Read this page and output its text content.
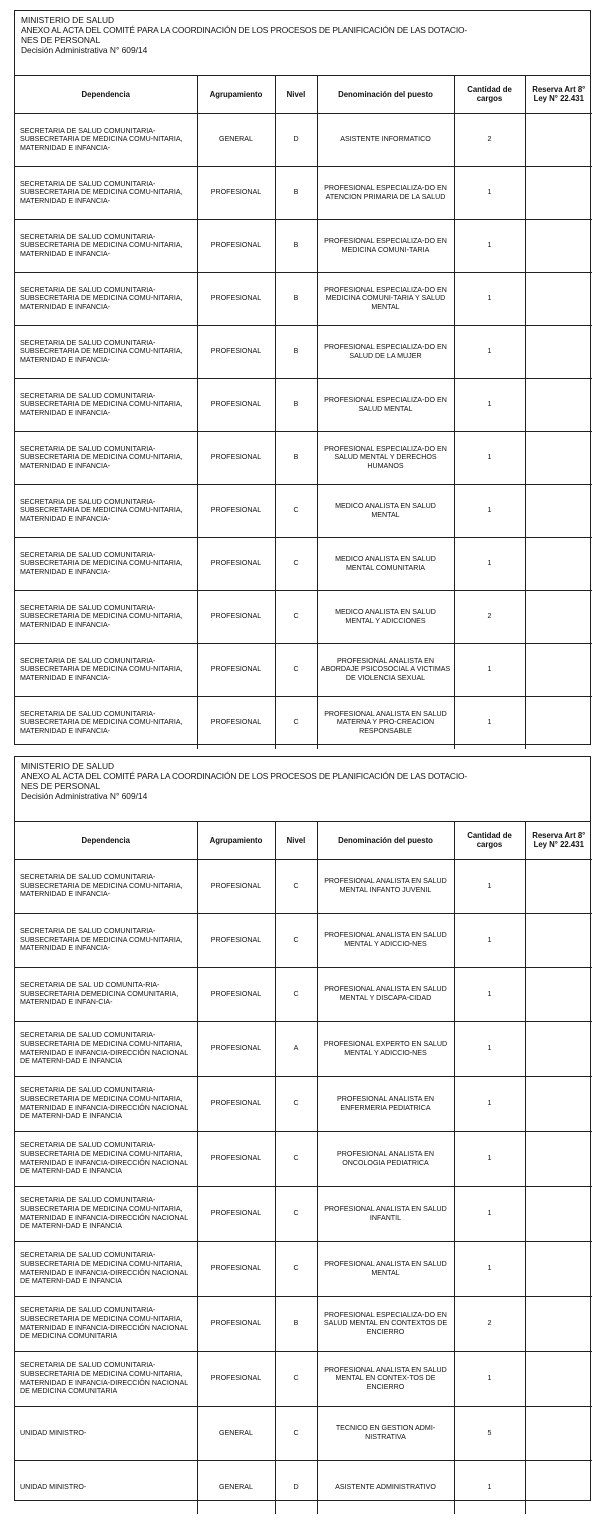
MINISTERIO DE SALUD
ANEXO AL ACTA DEL COMITÉ PARA LA COORDINACIÓN DE LOS PROCESOS DE PLANIFICACIÓN DE LAS DOTACIO-
NES DE PERSONAL
Decisión Administrativa N° 609/14
Dependencia	Agrupamiento	Nivel	Denominación del puesto	Cantidad de cargos	Reserva Art 8° Ley N° 22.431
SECRETARIA DE SALUD COMUNITARIA-SUBSECRETARIA DE MEDICINA COMU-NITARIA, MATERNIDAD E INFANCIA-	GENERAL	D	ASISTENTE INFORMATICO	2	
SECRETARIA DE SALUD COMUNITARIA-SUBSECRETARIA DE MEDICINA COMU-NITARIA, MATERNIDAD E INFANCIA-	PROFESIONAL	B	PROFESIONAL ESPECIALIZA-DO EN ATENCION PRIMARIA DE LA SALUD	1	
SECRETARIA DE SALUD COMUNITARIA-SUBSECRETARIA DE MEDICINA COMU-NITARIA, MATERNIDAD E INFANCIA-	PROFESIONAL	B	PROFESIONAL ESPECIALIZA-DO EN MEDICINA COMUNI-TARIA	1	
SECRETARIA DE SALUD COMUNITARIA-SUBSECRETARIA DE MEDICINA COMU-NITARIA, MATERNIDAD E INFANCIA-	PROFESIONAL	B	PROFESIONAL ESPECIALIZA-DO EN MEDICINA COMUNI-TARIA Y SALUD MENTAL	1	
SECRETARIA DE SALUD COMUNITARIA-SUBSECRETARIA DE MEDICINA COMU-NITARIA, MATERNIDAD E INFANCIA-	PROFESIONAL	B	PROFESIONAL ESPECIALIZA-DO EN SALUD DE LA MUJER	1	
SECRETARIA DE SALUD COMUNITARIA-SUBSECRETARIA DE MEDICINA COMU-NITARIA, MATERNIDAD E INFANCIA-	PROFESIONAL	B	PROFESIONAL ESPECIALIZA-DO EN SALUD MENTAL	1	
SECRETARIA DE SALUD COMUNITARIA-SUBSECRETARIA DE MEDICINA COMU-NITARIA, MATERNIDAD E INFANCIA-	PROFESIONAL	B	PROFESIONAL ESPECIALIZA-DO EN SALUD MENTAL Y DERECHOS HUMANOS	1	
SECRETARIA DE SALUD COMUNITARIA-SUBSECRETARIA DE MEDICINA COMU-NITARIA, MATERNIDAD E INFANCIA-	PROFESIONAL	C	MEDICO ANALISTA EN SALUD MENTAL	1	
SECRETARIA DE SALUD COMUNITARIA-SUBSECRETARIA DE MEDICINA COMU-NITARIA, MATERNIDAD E INFANCIA-	PROFESIONAL	C	MEDICO ANALISTA EN SALUD MENTAL COMUNITARIA	1	
SECRETARIA DE SALUD COMUNITARIA-SUBSECRETARIA DE MEDICINA COMU-NITARIA, MATERNIDAD E INFANCIA-	PROFESIONAL	C	MEDICO ANALISTA EN SALUD MENTAL Y ADICCIONES	2	
SECRETARIA DE SALUD COMUNITARIA-SUBSECRETARIA DE MEDICINA COMU-NITARIA, MATERNIDAD E INFANCIA-	PROFESIONAL	C	PROFESIONAL ANALISTA EN ABORDAJE PSICOSOCIAL A VICTIMAS DE VIOLENCIA SEXUAL	1	
SECRETARIA DE SALUD COMUNITARIA-SUBSECRETARIA DE MEDICINA COMU-NITARIA, MATERNIDAD E INFANCIA-	PROFESIONAL	C	PROFESIONAL ANALISTA EN SALUD MATERNA Y PRO-CREACION RESPONSABLE	1	
MINISTERIO DE SALUD
ANEXO AL ACTA DEL COMITÉ PARA LA COORDINACIÓN DE LOS PROCESOS DE PLANIFICACIÓN DE LAS DOTACIO-
NES DE PERSONAL
Decisión Administrativa N° 609/14
Dependencia	Agrupamiento	Nivel	Denominación del puesto	Cantidad de cargos	Reserva Art 8° Ley N° 22.431
SECRETARIA DE SALUD COMUNITARIA-SUBSECRETARIA DE MEDICINA COMU-NITARIA, MATERNIDAD E INFANCIA-	PROFESIONAL	C	PROFESIONAL ANALISTA EN SALUD MENTAL INFANTO JUVENIL	1	
SECRETARIA DE SALUD COMUNITARIA-SUBSECRETARIA DE MEDICINA COMU-NITARIA, MATERNIDAD E INFANCIA-	PROFESIONAL	C	PROFESIONAL ANALISTA EN SALUD MENTAL Y ADICCIO-NES	1	
SECRETARIA DE SAL UD COMUNITA-RIA-SUBSECRETARIA DEMEDICINA COMUNITARIA, MATERNIDAD E INFAN-CIA-	PROFESIONAL	C	PROFESIONAL ANALISTA EN SALUD MENTAL Y DISCAPA-CIDAD	1	
SECRETARIA DE SALUD COMUNITARIA-SUBSECRETARIA DE MEDICINA COMU-NITARIA, MATERNIDAD E INFANCIA-DIRECCIÓN NACIONAL DE MATERNI-DAD E INFANCIA	PROFESIONAL	A	PROFESIONAL EXPERTO EN SALUD MENTAL Y ADICCIO-NES	1	
SECRETARIA DE SALUD COMUNITARIA-SUBSECRETARIA DE MEDICINA COMU-NITARIA, MATERNIDAD E INFANCIA-DIRECCIÓN NACIONAL DE MATERNI-DAD E INFANCIA	PROFESIONAL	C	PROFESIONAL ANALISTA EN ENFERMERIA PEDIATRICA	1	
SECRETARIA DE SALUD COMUNITARIA-SUBSECRETARIA DE MEDICINA COMU-NITARIA, MATERNIDAD E INFANCIA-DIRECCIÓN NACIONAL DE MATERNI-DAD E INFANCIA	PROFESIONAL	C	PROFESIONAL ANALISTA EN ONCOLOGIA PEDIATRICA	1	
SECRETARIA DE SALUD COMUNITARIA-SUBSECRETARIA DE MEDICINA COMU-NITARIA, MATERNIDAD E INFANCIA-DIRECCIÓN NACIONAL DE MATERNI-DAD E INFANCIA	PROFESIONAL	C	PROFESIONAL ANALISTA EN SALUD INFANTIL	1	
SECRETARIA DE SALUD COMUNITARIA-SUBSECRETARIA DE MEDICINA COMU-NITARIA, MATERNIDAD E INFANCIA-DIRECCIÓN NACIONAL DE MATERNI-DAD E INFANCIA	PROFESIONAL	C	PROFESIONAL ANALISTA EN SALUD MENTAL	1	
SECRETARIA DE SALUD COMUNITARIA-SUBSECRETARIA DE MEDICINA COMU-NITARIA, MATERNIDAD E INFANCIA-DIRECCIÓN NACIONAL DE MEDICINA COMUNITARIA	PROFESIONAL	B	PROFESIONAL ESPECIALIZA-DO EN SALUD MENTAL EN CONTEXTOS DE ENCIERRO	2	
SECRETARIA DE SALUD COMUNITARIA-SUBSECRETARIA DE MEDICINA COMU-NITARIA, MATERNIDAD E INFANCIA-DIRECCIÓN NACIONAL DE MEDICINA COMUNITARIA	PROFESIONAL	C	PROFESIONAL ANALISTA EN SALUD MENTAL EN CONTEX-TOS DE ENCIERRO	1	
UNIDAD MINISTRO-	GENERAL	C	TECNICO EN GESTION ADMI-NISTRATIVA	5	
UNIDAD MINISTRO-	GENERAL	D	ASISTENTE ADMINISTRATIVO	1	
